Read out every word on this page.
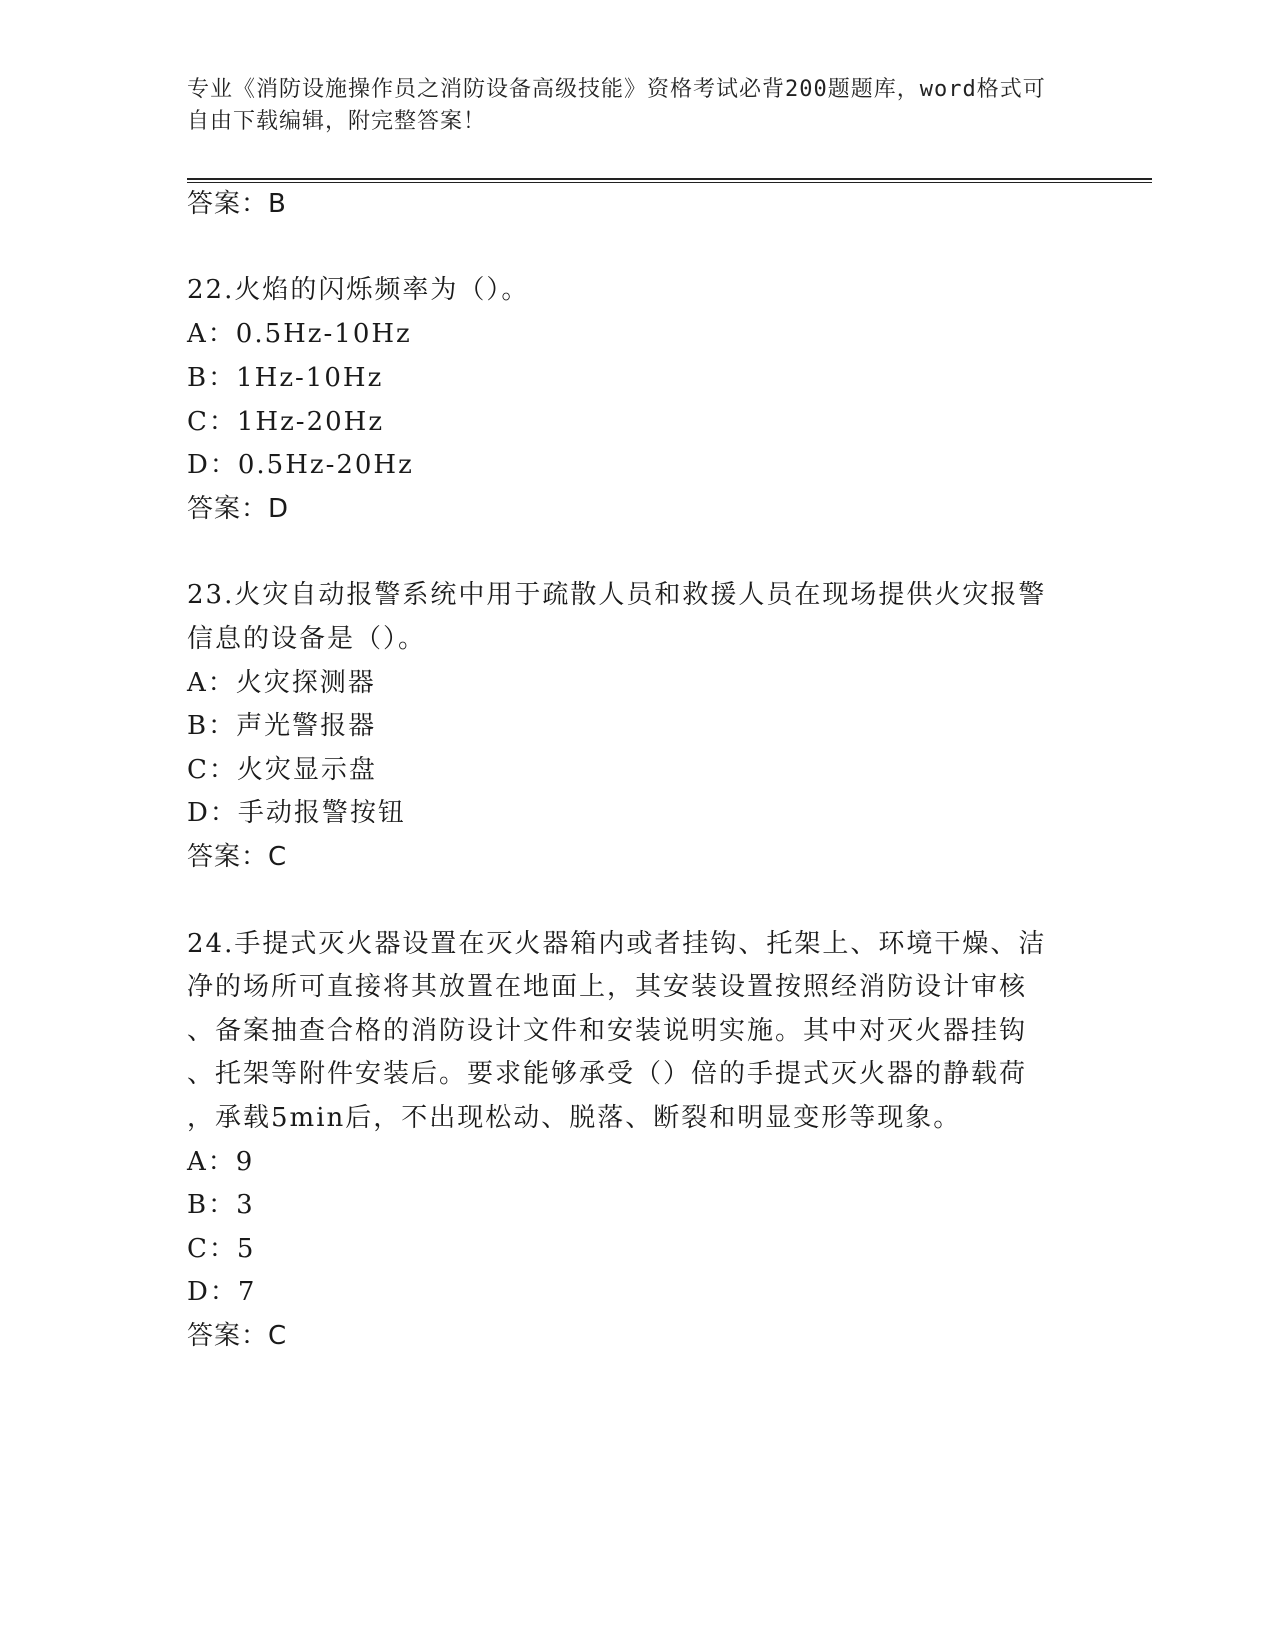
专业《消防设施操作员之消防设备高级技能》资格考试必背200题题库，word格式可自由下载编辑，附完整答案！
答案：B
22.火焰的闪烁频率为（）。
A：0.5Hz-10Hz
B：1Hz-10Hz
C：1Hz-20Hz
D：0.5Hz-20Hz
答案：D
23.火灾自动报警系统中用于疏散人员和救援人员在现场提供火灾报警
信息的设备是（）。
A：火灾探测器
B：声光警报器
C：火灾显示盘
D：手动报警按钮
答案：C
24.手提式灭火器设置在灭火器箱内或者挂钩、托架上、环境干燥、洁
净的场所可直接将其放置在地面上，其安装设置按照经消防设计审核
、备案抽查合格的消防设计文件和安装说明实施。其中对灭火器挂钩
、托架等附件安装后。要求能够承受（）倍的手提式灭火器的静载荷
，承载5min后，不出现松动、脱落、断裂和明显变形等现象。
A：9
B：3
C：5
D：7
答案：C
